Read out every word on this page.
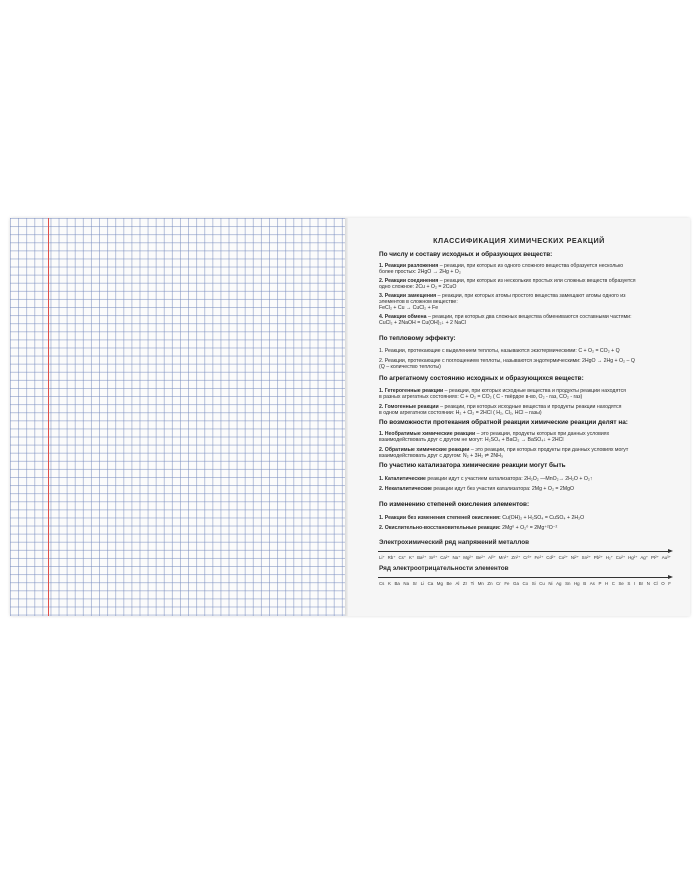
КЛАССИФИКАЦИЯ ХИМИЧЕСКИХ РЕАКЦИЙ
По числу и составу исходных и образующих веществ:
1. Реакции разложения – реакции, при которых из одного сложного вещества образуется несколько
более простых: 2HgO → 2Hg + O₂
2. Реакции соединения – реакции, при которых из нескольких простых или сложных веществ образуется
одно сложное: 2Cu + O₂ = 2CuO
3. Реакции замещения – реакции, при которых атомы простого вещества замещают атомы одного из
элементов в сложном веществе:
FeCl₂ + Cu → CuCl₂ + Fe
4. Реакции обмена – реакции, при которых два сложных вещества обмениваются составными частями:
CuCl₂ + 2NaOH = Cu(OH)₂↓ + 2 NaCl
По тепловому эффекту:
1. Реакции, протекающие с выделением теплоты, называются экзотермическими: C + O₂ = CO₂ + Q
2. Реакции, протекающие с поглощением теплоты, называются эндотермическими: 2HgO → 2Hg + O₂ – Q
(Q – количество теплоты)
По агрегатному состоянию исходных и образующихся веществ:
1. Гетерогенные реакции – реакции, при которых исходные вещества и продукты реакции находятся
в разных агрегатных состояниях: C + O₂ = CO₂ ( C - твёрдое в-во, O₂ - газ, CO₂ - газ)
2. Гомогенные реакции – реакции, при которых исходные вещества и продукты реакции находятся
в одном агрегатном состоянии: H₂ + Cl₂ = 2HCl ( H₂, Cl₂, HCl – газы)
По возможности протекания обратной реакции химические реакции делят на:
1. Необратимые химические реакции – это реакции, продукты которых при данных условиях
взаимодействовать друг с другом не могут: H₂SO₄ + BaCl₂ → BaSO₄↓ + 2HCl
2. Обратимые химические реакции – это реакции, при которых продукты при данных условиях могут
взаимодействовать друг с другом: N₂ + 3H₂ ⇌ 2NH₃
По участию катализатора химические реакции могут быть
1. Каталитические реакции идут с участием катализатора: 2H₂O₂ —MnO₂→ 2H₂O + O₂↑
2. Некаталитические реакции идут без участия катализатора: 2Mg + O₂ = 2MgO
По изменению степеней окисления элементов:
1. Реакции без изменения степеней окисления: Cu(OH)₂ + H₂SO₄ = CuSO₄ + 2H₂O
2. Окислительно-восстановительные реакции: 2Mg⁰ + O₂⁰ = 2Mg⁺²O⁻²
Электрохимический ряд напряжений металлов
Li⁺ Rb⁺ Cs⁺ K⁺ Ba²⁺ Sr²⁺ Ca²⁺ Na⁺ Mg²⁺ Be²⁺ Al³⁺ Mn²⁺ Zn²⁺ Cr³⁺ Fe²⁺ Cd²⁺ Co²⁺ Ni²⁺ Sn²⁺ Pb²⁺ H₂⁺ Cu²⁺ Hg²⁺ Ag⁺ Pt²⁺ Au³⁺
Ряд электроотрицательности элементов
Cs K Ba Na Sr Li Ca Mg Be Al Zr Ti Mn Zn Cr Fe Ga Co Si Cu Ni Ag Sn Hg B As P H C Se S I Br N Cl O F
